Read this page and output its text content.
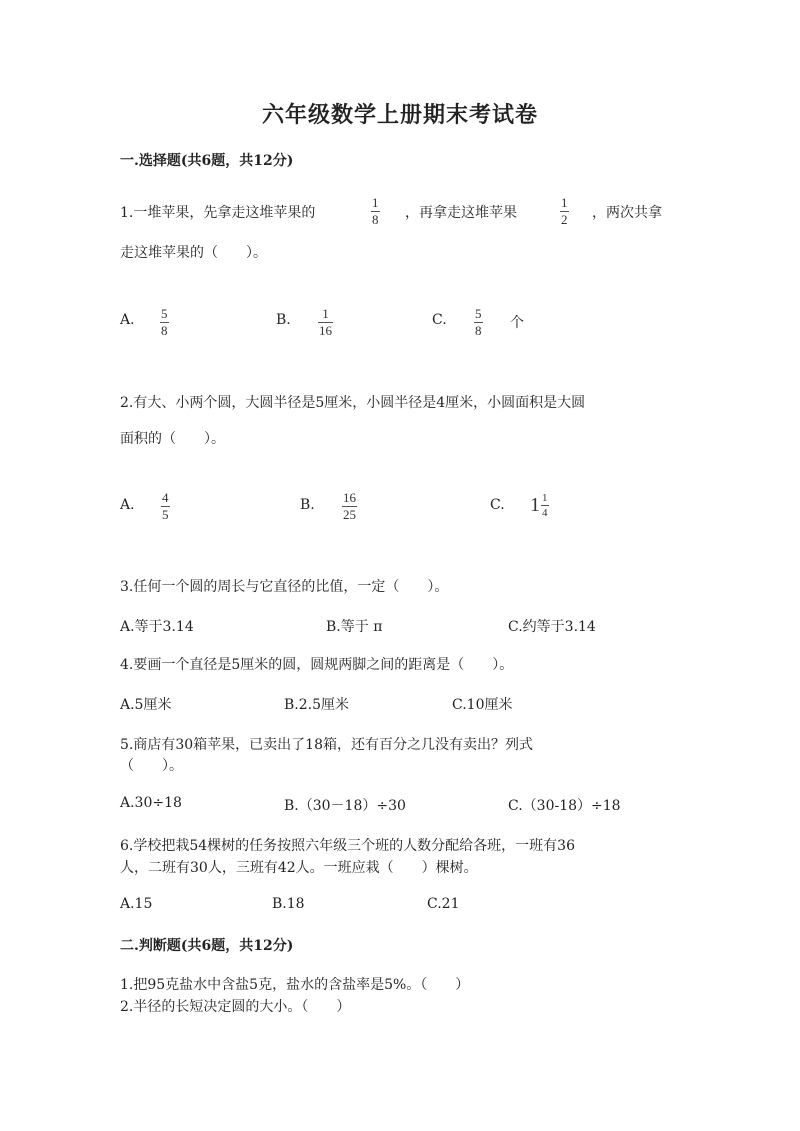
六年级数学上册期末考试卷
一.选择题(共6题，共12分)
1.一堆苹果，先拿走这堆苹果的
1
8 ，再拿走这堆苹果
1
2 ，两次共拿
走这堆苹果的（　　）。
A. 5
8
B. 1
16
C. 5
8 个
2.有大、小两个圆，大圆半径是5厘米，小圆半径是4厘米，小圆面积是大圆
面积的（　　）。
A. 4
5
B. 16
25
C. $1 \frac{1}{4}$
3.任何一个圆的周长与它直径的比值，一定（　　）。
A.等于3.14	B.等于 π	C.约等于3.14
4.要画一个直径是5厘米的圆，圆规两脚之间的距离是（　　）。
A.5厘米	B.2.5厘米	C.10厘米
5.商店有30箱苹果，已卖出了18箱，还有百分之几没有卖出？列式
（　　）。
A.30÷18	B.（30－18）÷30	C.（30-18）÷18
6.学校把栽54棵树的任务按照六年级三个班的人数分配给各班，一班有36
人，二班有30人，三班有42人。一班应栽（　　）棵树。
A.15	B.18	C.21
二.判断题(共6题，共12分)
1.把95克盐水中含盐5克，盐水的含盐率是5%。（　　）
2.半径的长短决定圆的大小。（　　）
